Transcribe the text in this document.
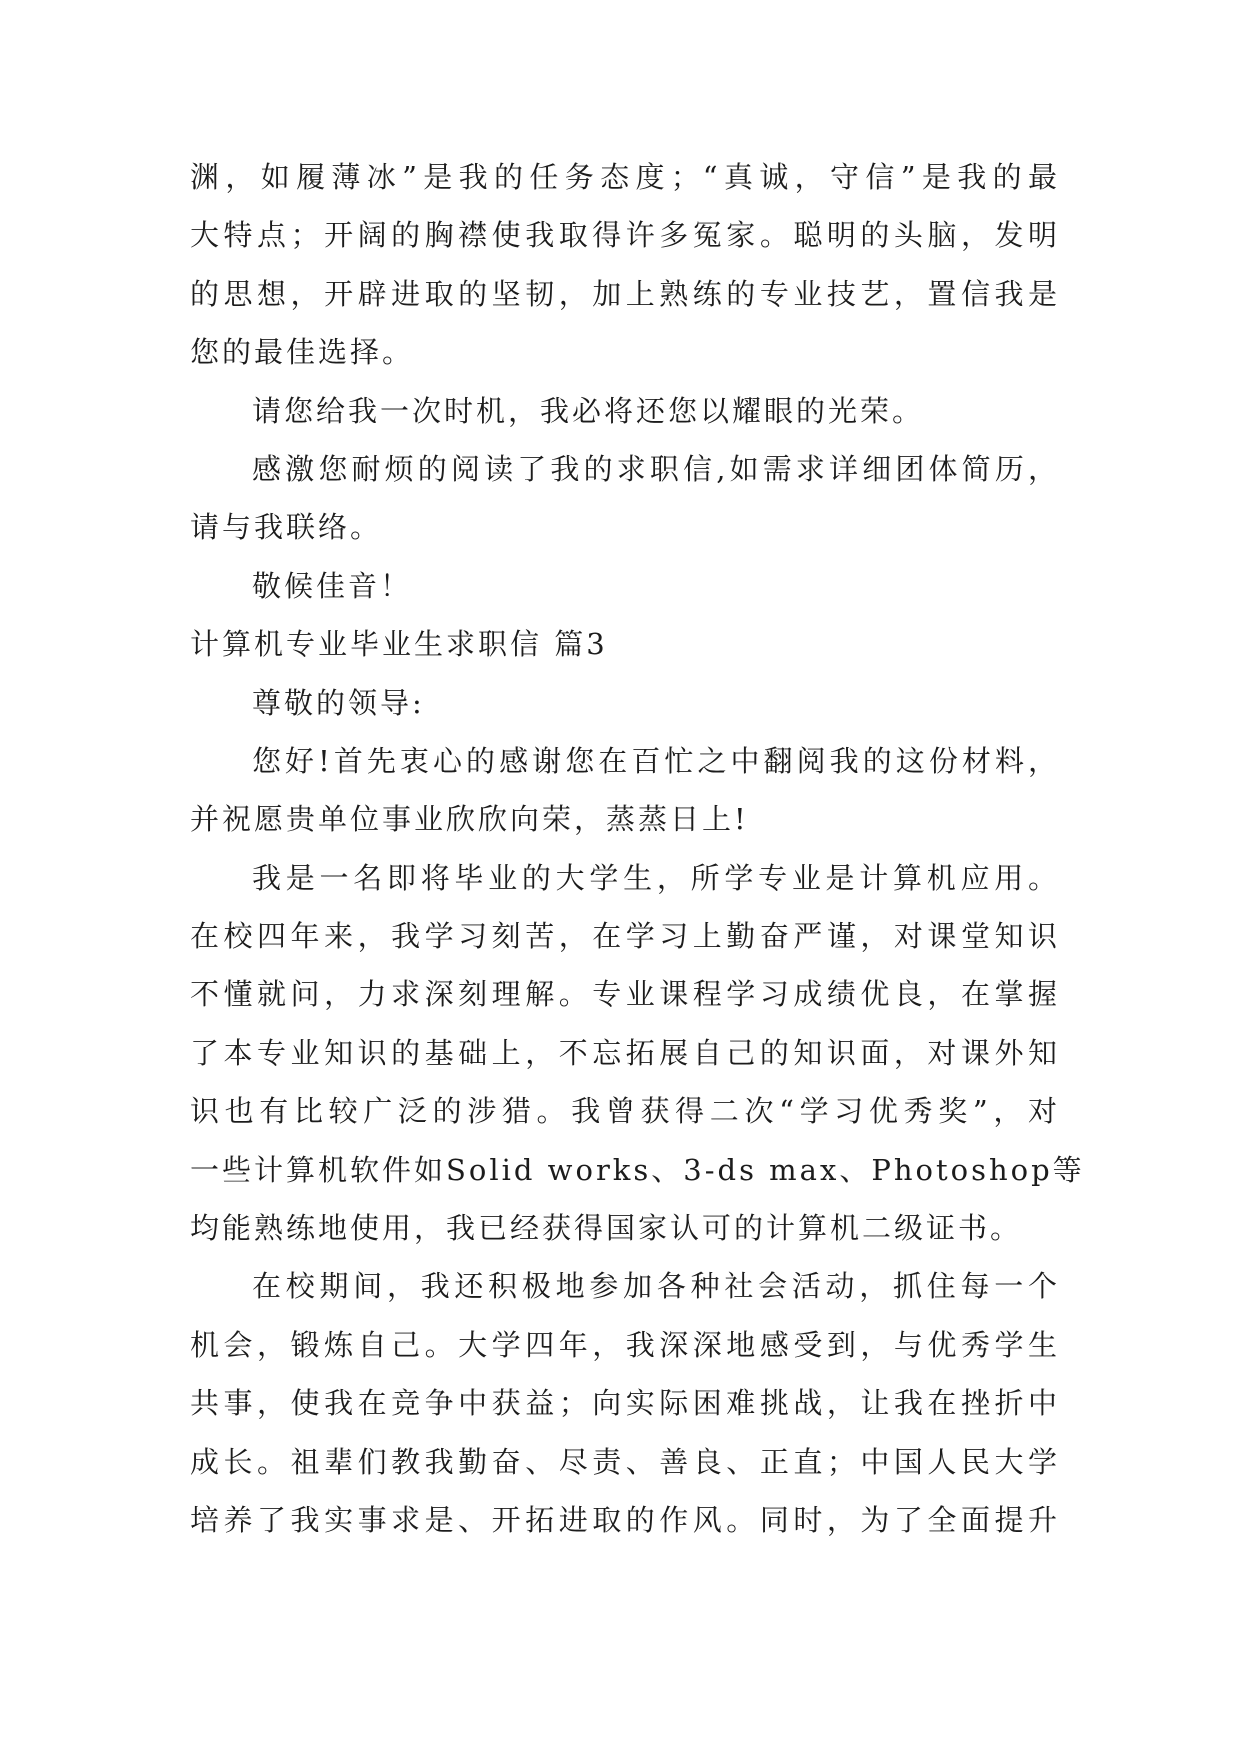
渊，如履薄冰”是我的任务态度；“真诚，守信”是我的最
大特点；开阔的胸襟使我取得许多冤家。聪明的头脑，发明
的思想，开辟进取的坚韧，加上熟练的专业技艺，置信我是
您的最佳选择。
请您给我一次时机，我必将还您以耀眼的光荣。
感激您耐烦的阅读了我的求职信,如需求详细团体简历，
请与我联络。
敬候佳音！
计算机专业毕业生求职信 篇3
尊敬的领导:
您好!首先衷心的感谢您在百忙之中翻阅我的这份材料，
并祝愿贵单位事业欣欣向荣，蒸蒸日上!
我是一名即将毕业的大学生，所学专业是计算机应用。
在校四年来，我学习刻苦，在学习上勤奋严谨，对课堂知识
不懂就问，力求深刻理解。专业课程学习成绩优良，在掌握
了本专业知识的基础上，不忘拓展自己的知识面，对课外知
识也有比较广泛的涉猎。我曾获得二次“学习优秀奖”，对
一些计算机软件如Solid works、3-ds max、Photoshop等
均能熟练地使用，我已经获得国家认可的计算机二级证书。
在校期间，我还积极地参加各种社会活动，抓住每一个
机会，锻炼自己。大学四年，我深深地感受到，与优秀学生
共事，使我在竞争中获益；向实际困难挑战，让我在挫折中
成长。祖辈们教我勤奋、尽责、善良、正直；中国人民大学
培养了我实事求是、开拓进取的作风。同时，为了全面提升
